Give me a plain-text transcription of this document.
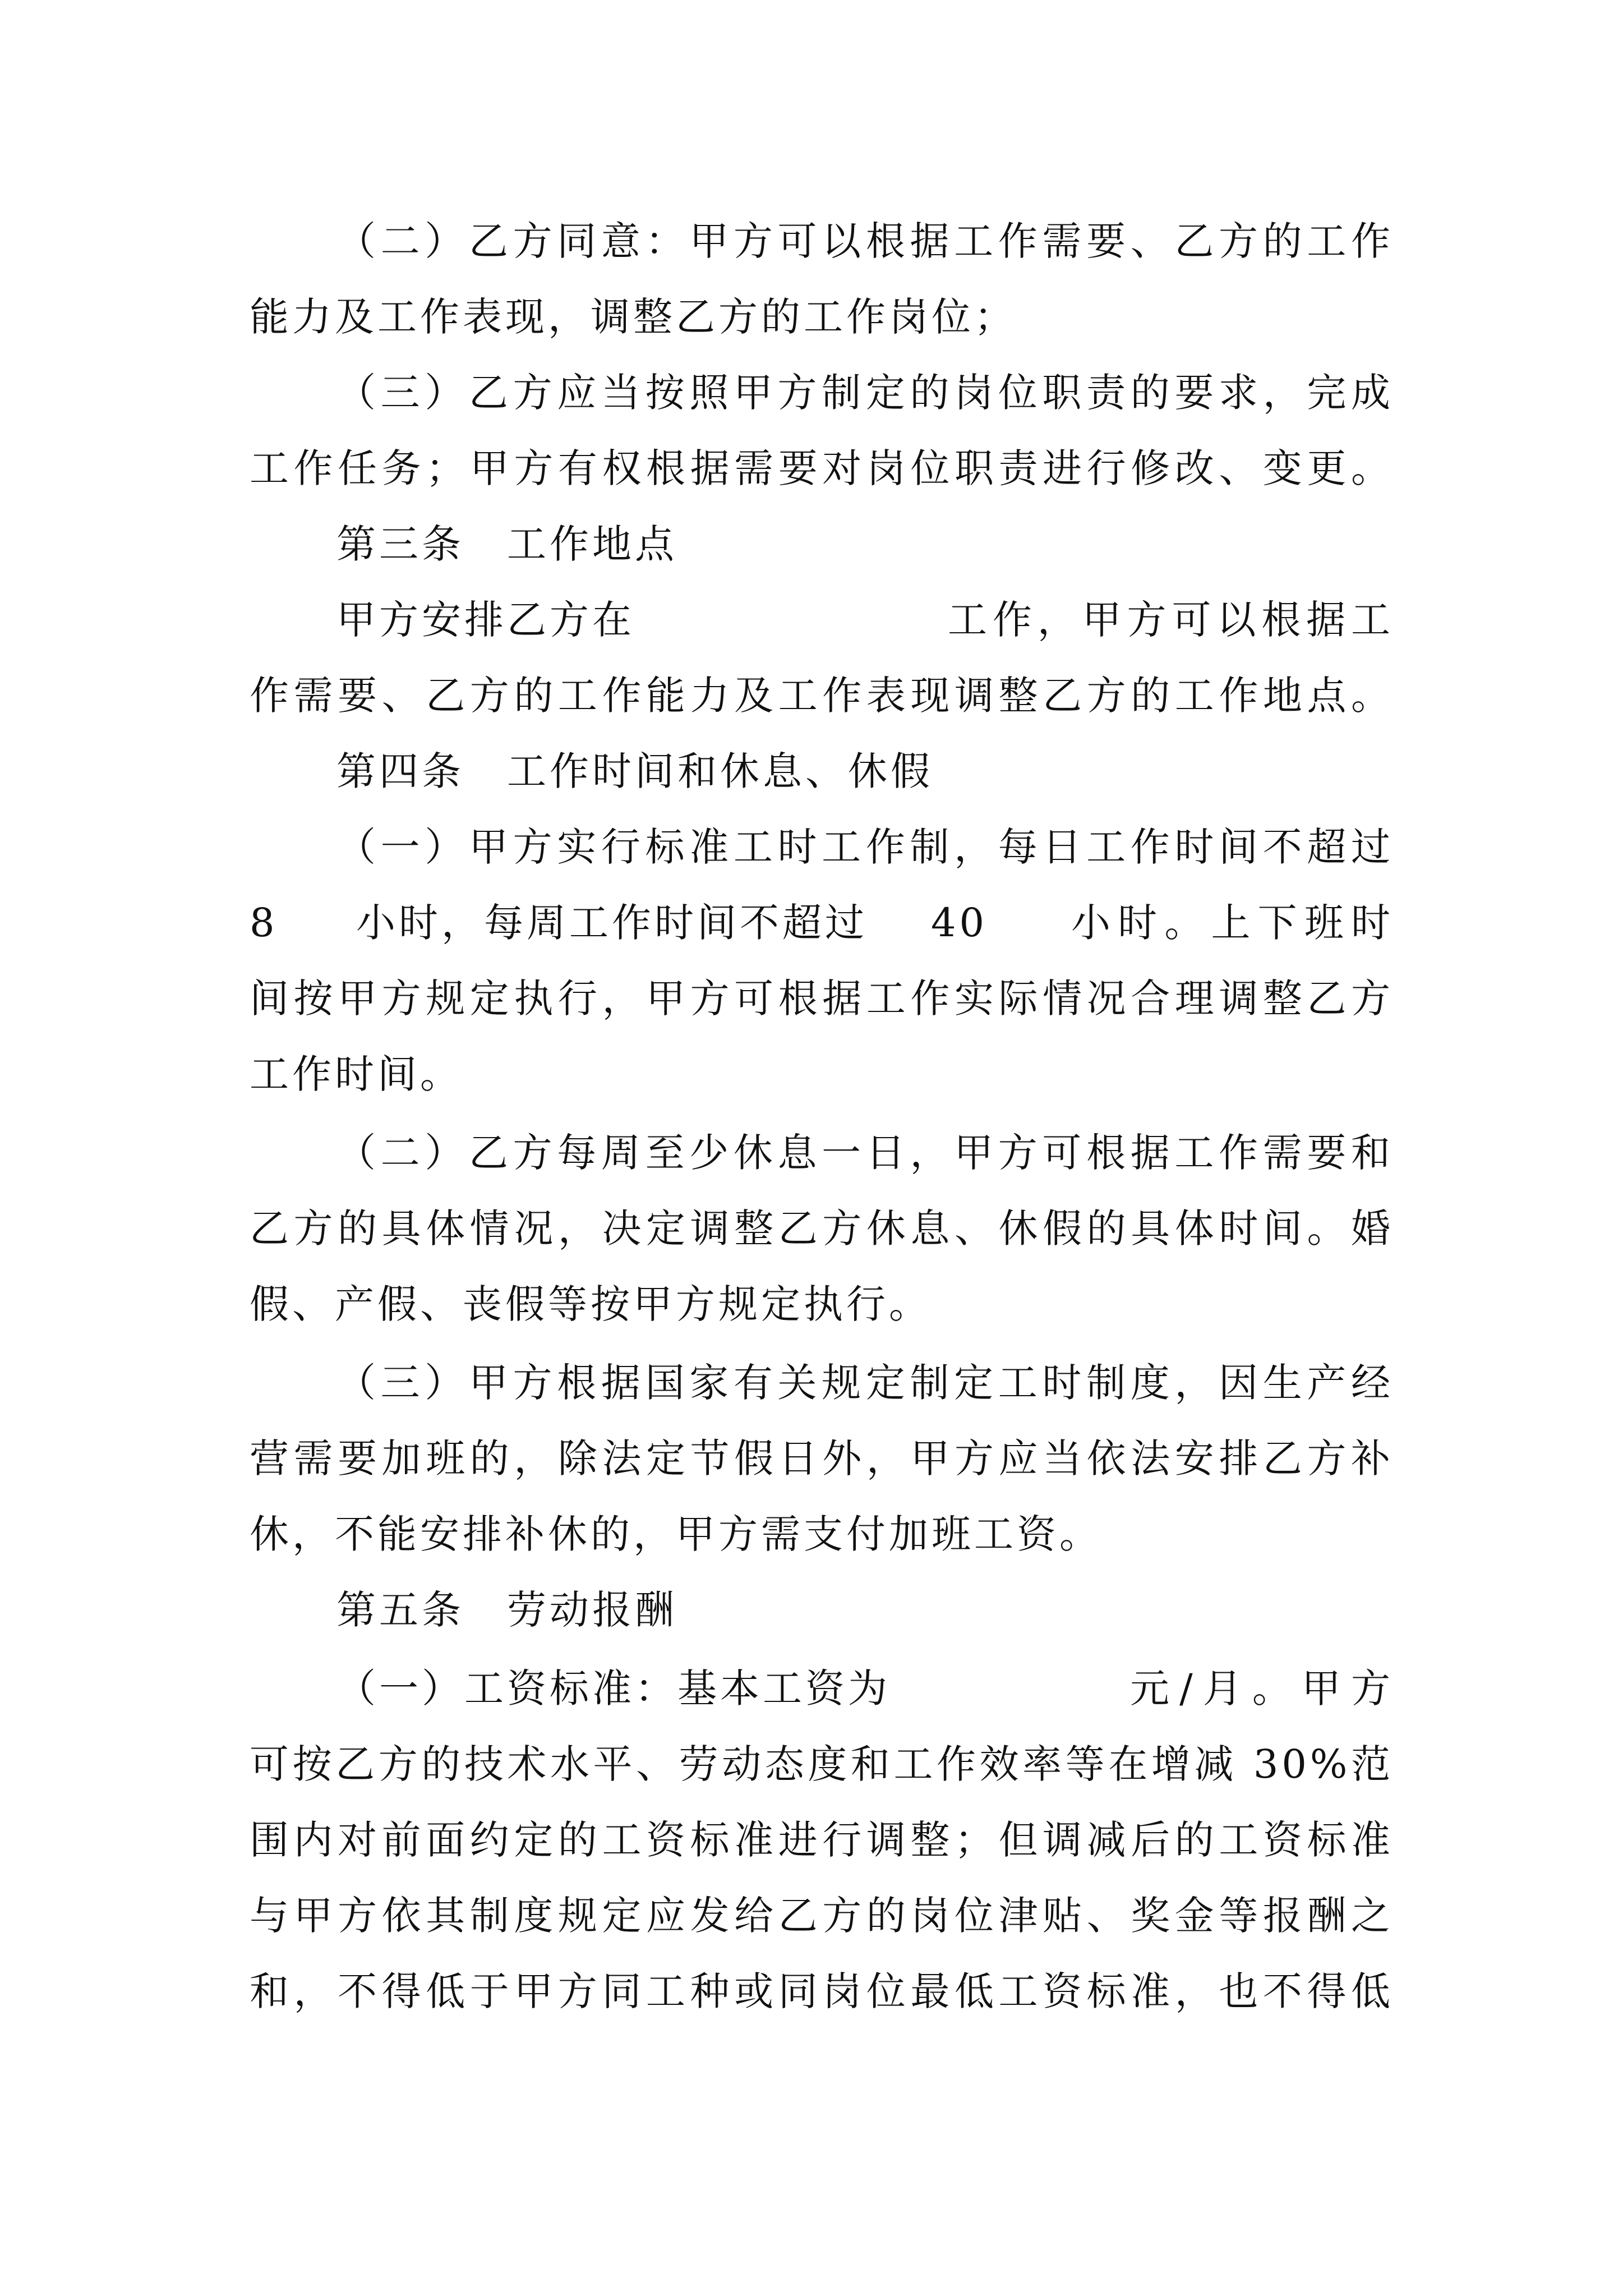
（二）乙方同意：甲方可以根据工作需要、乙方的工作
能力及工作表现，调整乙方的工作岗位；
（三）乙方应当按照甲方制定的岗位职责的要求，完成
工作任务；甲方有权根据需要对岗位职责进行修改、变更。
第三条　工作地点
甲方安排乙方在	工作，甲方可以根据工
作需要、乙方的工作能力及工作表现调整乙方的工作地点。
第四条　工作时间和休息、休假
（一）甲方实行标准工时工作制，每日工作时间不超过
8	小时，每周工作时间不超过 40 小时。上下班时
间按甲方规定执行，甲方可根据工作实际情况合理调整乙方
工作时间。
（二）乙方每周至少休息一日，甲方可根据工作需要和
乙方的具体情况，决定调整乙方休息、休假的具体时间。婚
假、产假、丧假等按甲方规定执行。
（三）甲方根据国家有关规定制定工时制度，因生产经
营需要加班的，除法定节假日外，甲方应当依法安排乙方补
休，不能安排补休的，甲方需支付加班工资。
第五条　劳动报酬
（一）工资标准：基本工资为	元/月。甲方
可按乙方的技术水平、劳动态度和工作效率等在增减 30%范
围内对前面约定的工资标准进行调整；但调减后的工资标准
与甲方依其制度规定应发给乙方的岗位津贴、奖金等报酬之
和，不得低于甲方同工种或同岗位最低工资标准，也不得低
